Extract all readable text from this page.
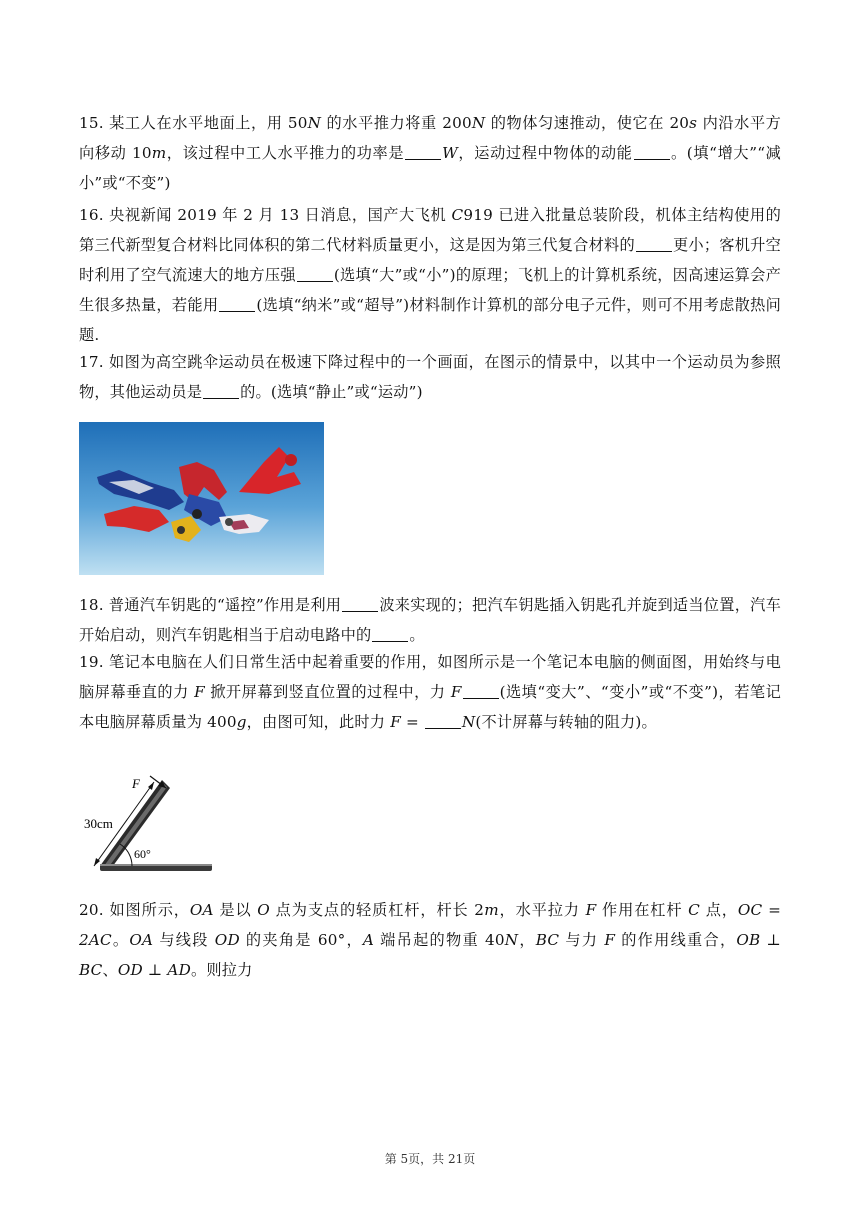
15. 某工人在水平地面上，用 50N 的水平推力将重 200N 的物体匀速推动，使它在 20s 内沿水平方向移动 10m，该过程中工人水平推力的功率是	W，运动过程中物体的动能	。(填“增大”“减小”或“不变”)
16. 央视新闻 2019 年 2 月 13 日消息，国产大飞机 C919 已进入批量总装阶段，机体主结构使用的第三代新型复合材料比同体积的第二代材料质量更小，这是因为第三代复合材料的	更小；客机升空时利用了空气流速大的地方压强	(选填“大”或“小”)的原理；飞机上的计算机系统，因高速运算会产生很多热量，若能用	(选填“纳米”或“超导”)材料制作计算机的部分电子元件，则可不用考虑散热问题.
17. 如图为高空跳伞运动员在极速下降过程中的一个画面，在图示的情景中，以其中一个运动员为参照物，其他运动员是	的。(选填“静止”或“运动”)
18. 普通汽车钥匙的“遥控”作用是利用	波来实现的；把汽车钥匙插入钥匙孔并旋到适当位置，汽车开始启动，则汽车钥匙相当于启动电路中的	。
19. 笔记本电脑在人们日常生活中起着重要的作用，如图所示是一个笔记本电脑的侧面图，用始终与电脑屏幕垂直的力 F 掀开屏幕到竖直位置的过程中，力 F	(选填“变大”、“变小”或“不变”)，若笔记本电脑屏幕质量为 400g，由图可知，此时力 F =	N(不计屏幕与转轴的阻力)。
F
30cm
60°
20. 如图所示，OA 是以 O 点为支点的轻质杠杆，杆长 2m，水平拉力 F 作用在杠杆 C 点，OC = 2AC。OA 与线段 OD 的夹角是 60°，A 端吊起的物重 40N，BC 与力 F 的作用线重合，OB ⊥ BC、OD ⊥ AD。则拉力
第 5页，共 21页
